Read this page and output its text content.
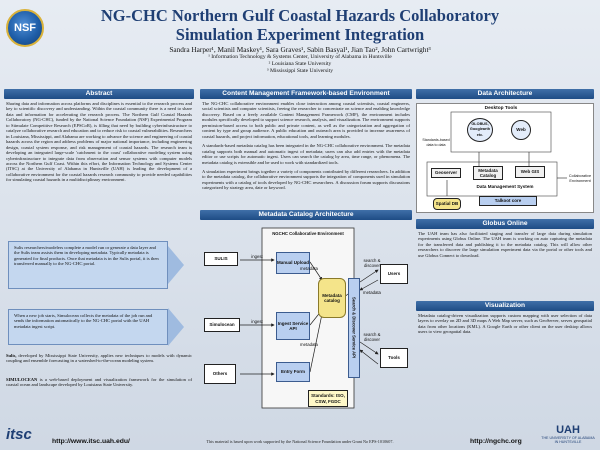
NSF
NG-CHC Northern Gulf Coastal Hazards Collaboratory
Simulation Experiment Integration
Sandra Harper¹, Manil Maskey¹, Sara Graves¹, Sabin Basyal¹, Jian Tao², John Cartwright³
¹ Information Technology & Systems Center, University of Alabama in Huntsville
² Louisiana State University
³ Mississippi State University
Abstract
Sharing data and information across platforms and disciplines is essential to the research process and key to scientific discovery and understanding. Within the coastal community there is a need to share data and information for accelerating the research process. The Northern Gulf Coastal Hazards Collaboratory (NG-CHC), funded by the National Science Foundation (NSF) Experimental Program to Stimulate Competitive Research (EPSCoR), is filling that need by building cyberinfrastructure to catalyze collaborative research and education and to reduce risk to coastal vulnerabilities. Researchers in Louisiana, Mississippi, and Alabama are working to advance the science and engineering of coastal hazards across the region and address problems of major national importance, including engineering design, coastal system response, and risk management of coastal hazards. The research team is developing an integrated large-scale 'catchment to the coast' collaborative modeling system using cyberinfrastructure to integrate data from observation and sensor systems with computer models across the Northern Gulf Coast. Within this effort, the Information Technology and Systems Center (ITSC) at the University of Alabama in Huntsville (UAH) is leading the development of a collaborative environment for the coastal hazards research community to provide needed capabilities for simulating coastal hazards in a multidisciplinary environment.
Sulis researchers/modelers complete a model run or generate a data layer and the Sulis team assists them in developing metadata. Typically metadata is generated for final products. Once that metadata is in the Sulis portal, it is then transferred manually to the NG-CHC portal.
When a new job starts, Simulocean collects the metadata of the job run and sends the information automatically to the NG-CHC portal with the UAH metadata ingest script.
Sulis, developed by Mississippi State University, applies new techniques to models with dynamic coupling and ensemble forecasting in a watershed-to-the-ocean modeling system.
SIMULOCEAN is a web-based deployment and visualization framework for the simulation of coastal ocean and landscape developed by Louisiana State University.
Content Management Framework-based Environment

The NG-CHC collaborative environment enables close interaction among coastal scientists, coastal engineers, social scientists and computer scientists, freeing the researcher to concentrate on science and enabling knowledge discovery. Based on a freely available Content Management Framework (CMF), the environment includes modules specifically developed to support science research, analysis, and visualization. The environment supports permission-based access to both public and private content, as well as the categorization and aggregation of content by type and group audience. A public education and outreach area is provided to increase awareness of coastal hazards, and project information, educational tools, and learning modules.

A standards-based metadata catalog has been integrated in the NG-CHC collaborative environment. The metadata catalog supports both manual and automatic ingest of metadata; users can also add entries with the metadata editor or use scripts for automatic ingest. Users can search the catalog by area, time range, or phenomena. The metadata catalog is extensible and be used to work with standardized tools.

A simulation experiment brings together a variety of components contributed by different researchers. In addition to the metadata catalog, the collaborative environment supports the integration of components used in simulation experiments with a catalog of tools developed by NG-CHC researchers. A discussion forum supports discussions categorized by strategy area, date or keyword.

Metadata Catalog Architecture
NGCHC Collaborative Environment
SULIS
Simulocean
Others
Manual Upload
Ingest Service API
Entry Form
Metadata catalog	Search & Discover Service API
Users
Tools
Standards: ISO, CSW, FGDC
ingest
ingest
metadata
metadata
metadata
search & discover
search & discover
Data Architecture
Desktop Tools
GLOBUS, Googlearth etc.
Web
Standards-based data to data
Geoserver
Metadata Catalog
Web GIS
Data Management System
Talkoot core
Spatial DB
Collaborative Environment
Globus Online
The UAH team has also facilitated staging and transfer of large data during simulation experiments using Globus Online. The UAH team is working on auto capturing the metadata for the transferred data and publishing it to the metadata catalog. This will allow other researchers to discover the large simulation experiment data via the portal or other tools and use Globus Connect to download.
Visualization
Metadata catalog-driven visualization supports custom mapping with user selection of data layers to overlay on 2D and 3D maps A Web Map server, such as GeoServer, serves geospatial data from other locations (KML). A Google Earth or other client on the user desktop allows users to view geospatial data.
itsc	http://www.itsc.uah.edu/	This material is based upon work supported by the National Science Foundation under Grant No EPS-1010607.	http://ngchc.org
UAH
THE UNIVERSITY OF ALABAMA IN HUNTSVILLE
